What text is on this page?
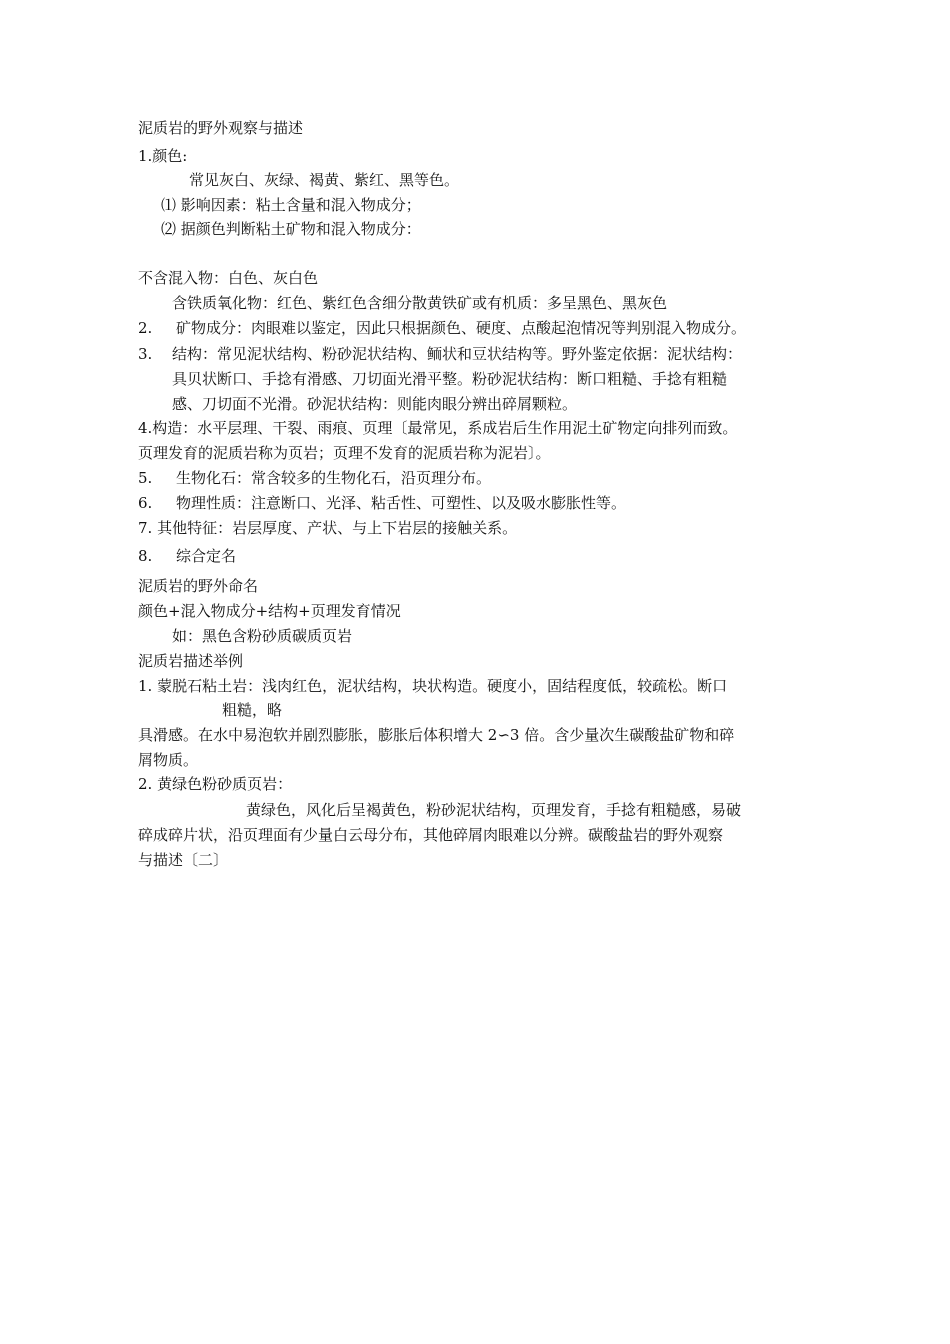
泥质岩的野外观察与描述
1.颜色:
常见灰白、灰绿、褐黄、紫红、黑等色。
⑴ 影响因素：粘土含量和混入物成分；
⑵ 据颜色判断粘土矿物和混入物成分：
不含混入物：白色、灰白色
含铁质氧化物：红色、紫红色含细分散黄铁矿或有机质：多呈黑色、黑灰色
2. 矿物成分：肉眼难以鉴定，因此只根据颜色、硬度、点酸起泡情况等判别混入物成分。
3. 结构：常见泥状结构、粉砂泥状结构、鲕状和豆状结构等。野外鉴定依据：泥状结构：
具贝状断口、手捻有滑感、刀切面光滑平整。粉砂泥状结构：断口粗糙、手捻有粗糙
感、刀切面不光滑。砂泥状结构：则能肉眼分辨出碎屑颗粒。
4.构造：水平层理、干裂、雨痕、页理〔最常见，系成岩后生作用泥土矿物定向排列而致。
页理发育的泥质岩称为页岩；页理不发育的泥质岩称为泥岩〕。
5. 生物化石：常含较多的生物化石，沿页理分布。
6. 物理性质：注意断口、光泽、粘舌性、可塑性、以及吸水膨胀性等。
7. 其他特征：岩层厚度、产状、与上下岩层的接触关系。
8. 综合定名
泥质岩的野外命名
颜色+混入物成分+结构+页理发育情况
如：黑色含粉砂质碳质页岩
泥质岩描述举例
1. 蒙脱石粘土岩：浅肉红色，泥状结构，块状构造。硬度小，固结程度低，较疏松。断口
粗糙，略
具滑感。在水中易泡软并剧烈膨胀，膨胀后体积增大 2∽3 倍。含少量次生碳酸盐矿物和碎
屑物质。
2. 黄绿色粉砂质页岩：
黄绿色，风化后呈褐黄色，粉砂泥状结构，页理发育，手捻有粗糙感，易破
碎成碎片状，沿页理面有少量白云母分布，其他碎屑肉眼难以分辨。碳酸盐岩的野外观察
与描述〔二〕
